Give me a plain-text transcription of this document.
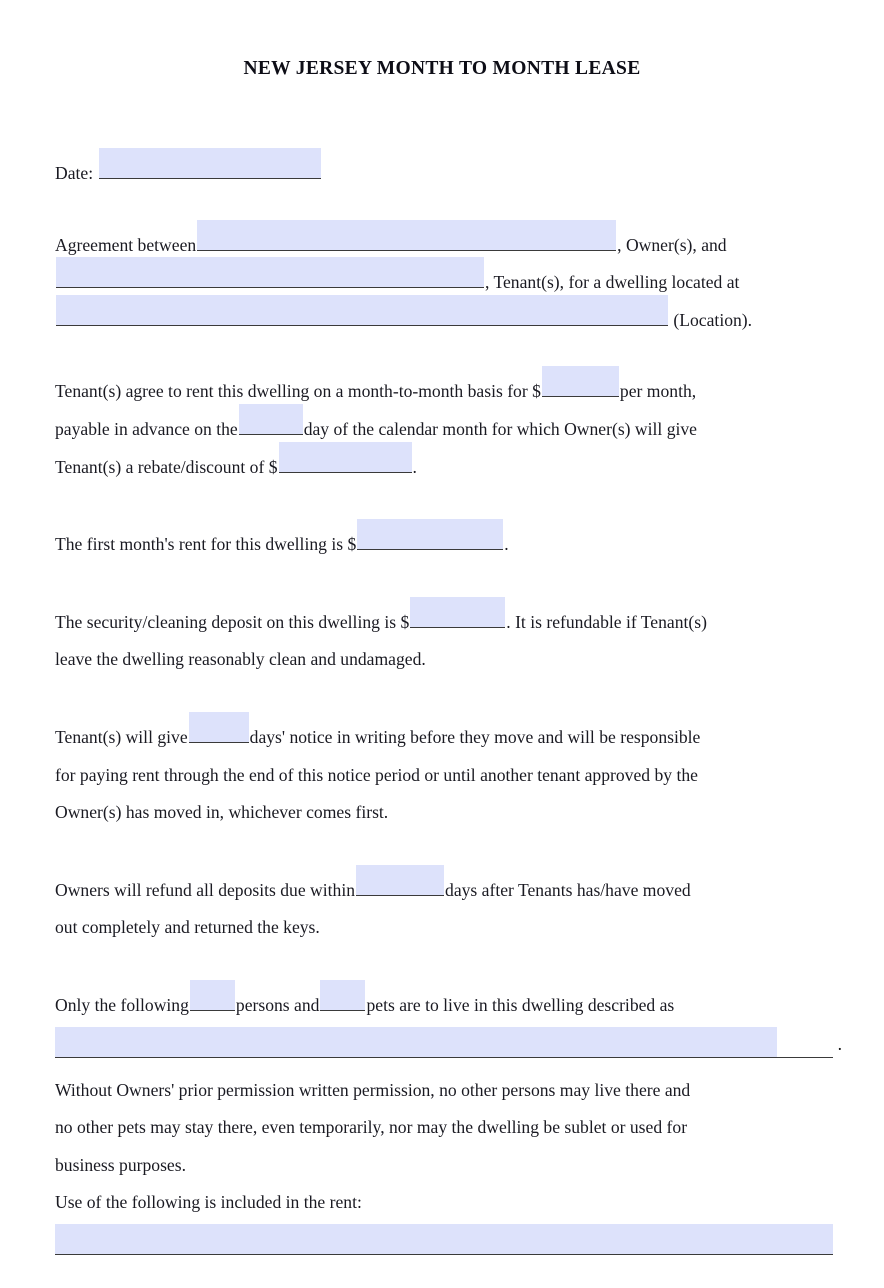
NEW JERSEY MONTH TO MONTH LEASE

Date:

Agreement between	, Owner(s), and
, Tenant(s), for a dwelling located at
(Location).

Tenant(s) agree to rent this dwelling on a month-to-month basis for $	per month,
payable in advance on the	day of the calendar month for which Owner(s) will give
Tenant(s) a rebate/discount of $	.

The first month's rent for this dwelling is $	.

The security/cleaning deposit on this dwelling is $	. It is refundable if Tenant(s)
leave the dwelling reasonably clean and undamaged.

Tenant(s) will give	days' notice in writing before they move and will be responsible
for paying rent through the end of this notice period or until another tenant approved by the
Owner(s) has moved in, whichever comes first.

Owners will refund all deposits due within	days after Tenants has/have moved
out completely and returned the keys.

Only the following	persons and	pets are to live in this dwelling described as

.

Without Owners' prior permission written permission, no other persons may live there and
no other pets may stay there, even temporarily, nor may the dwelling be sublet or used for
business purposes.

Use of the following is included in the rent:
